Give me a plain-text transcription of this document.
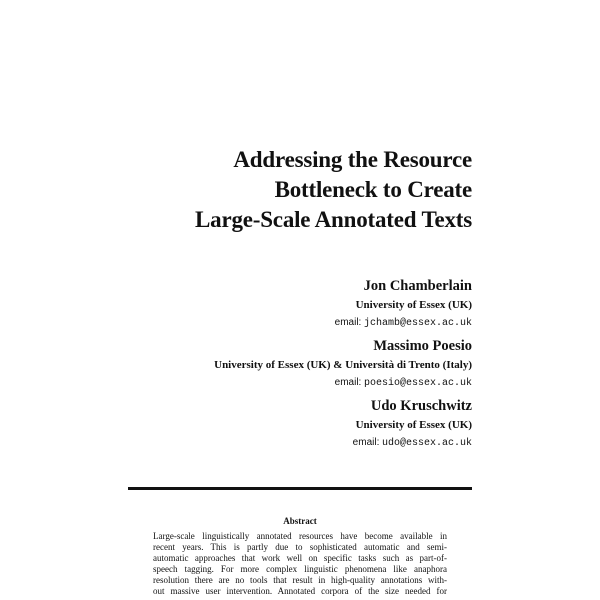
Addressing the Resource
Bottleneck to Create
Large-Scale Annotated Texts
Jon Chamberlain
University of Essex (UK)
email: jchamb@essex.ac.uk
Massimo Poesio
University of Essex (UK) & Università di Trento (Italy)
email: poesio@essex.ac.uk
Udo Kruschwitz
University of Essex (UK)
email: udo@essex.ac.uk
Abstract
Large-scale linguistically annotated resources have become available in
recent years. This is partly due to sophisticated automatic and semi-
automatic approaches that work well on specific tasks such as part-of-
speech tagging. For more complex linguistic phenomena like anaphora
resolution there are no tools that result in high-quality annotations with-
out massive user intervention. Annotated corpora of the size needed for
